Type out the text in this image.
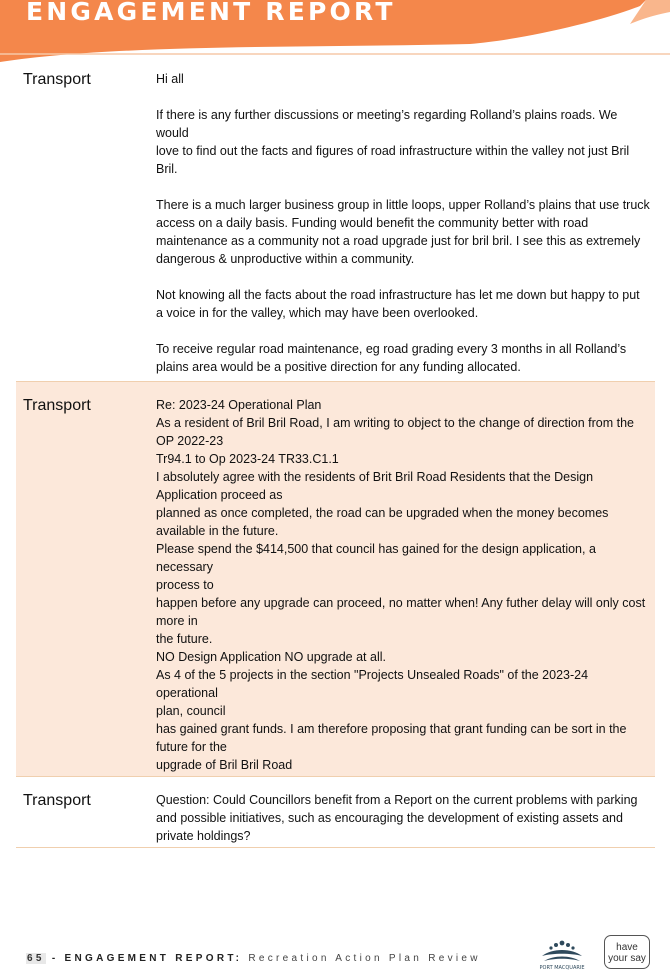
ENGAGEMENT REPORT
Transport	Hi all

If there is any further discussions or meeting’s regarding Rolland’s plains roads. We would
love to find out the facts and figures of road infrastructure within the valley not just Bril
Bril.

There is a much larger business group in little loops, upper Rolland’s plains that use truck
access on a daily basis. Funding would benefit the community better with road
maintenance as a community not a road upgrade just for bril bril. I see this as extremely
dangerous & unproductive within a community.

Not knowing all the facts about the road infrastructure has let me down but happy to put
a voice in for the valley, which may have been overlooked.

To receive regular road maintenance, eg road grading every 3 months in all Rolland’s
plains area would be a positive direction for any funding allocated.

Transport	Re: 2023-24 Operational Plan
As a resident of Bril Bril Road, I am writing to object to the change of direction from the
OP 2022-23
Tr94.1 to Op 2023-24 TR33.C1.1
I absolutely agree with the residents of Brit Bril Road Residents that the Design
Application proceed as
planned as once completed, the road can be upgraded when the money becomes
available in the future.
Please spend the $414,500 that council has gained for the design application, a necessary
process to
happen before any upgrade can proceed, no matter when! Any futher delay will only cost
more in
the future.
NO Design Application NO upgrade at all.
As 4 of the 5 projects in the section "Projects Unsealed Roads" of the 2023-24 operational
plan, council
has gained grant funds. I am therefore proposing that grant funding can be sort in the
future for the
upgrade of Bril Bril Road

Transport	Question: Could Councillors benefit from a Report on the current problems with parking
and possible initiatives, such as encouraging the development of existing assets and
private holdings?

65 - ENGAGEMENT REPORT: Recreation Action Plan Review
PORT MACQUARIE
have
your say
